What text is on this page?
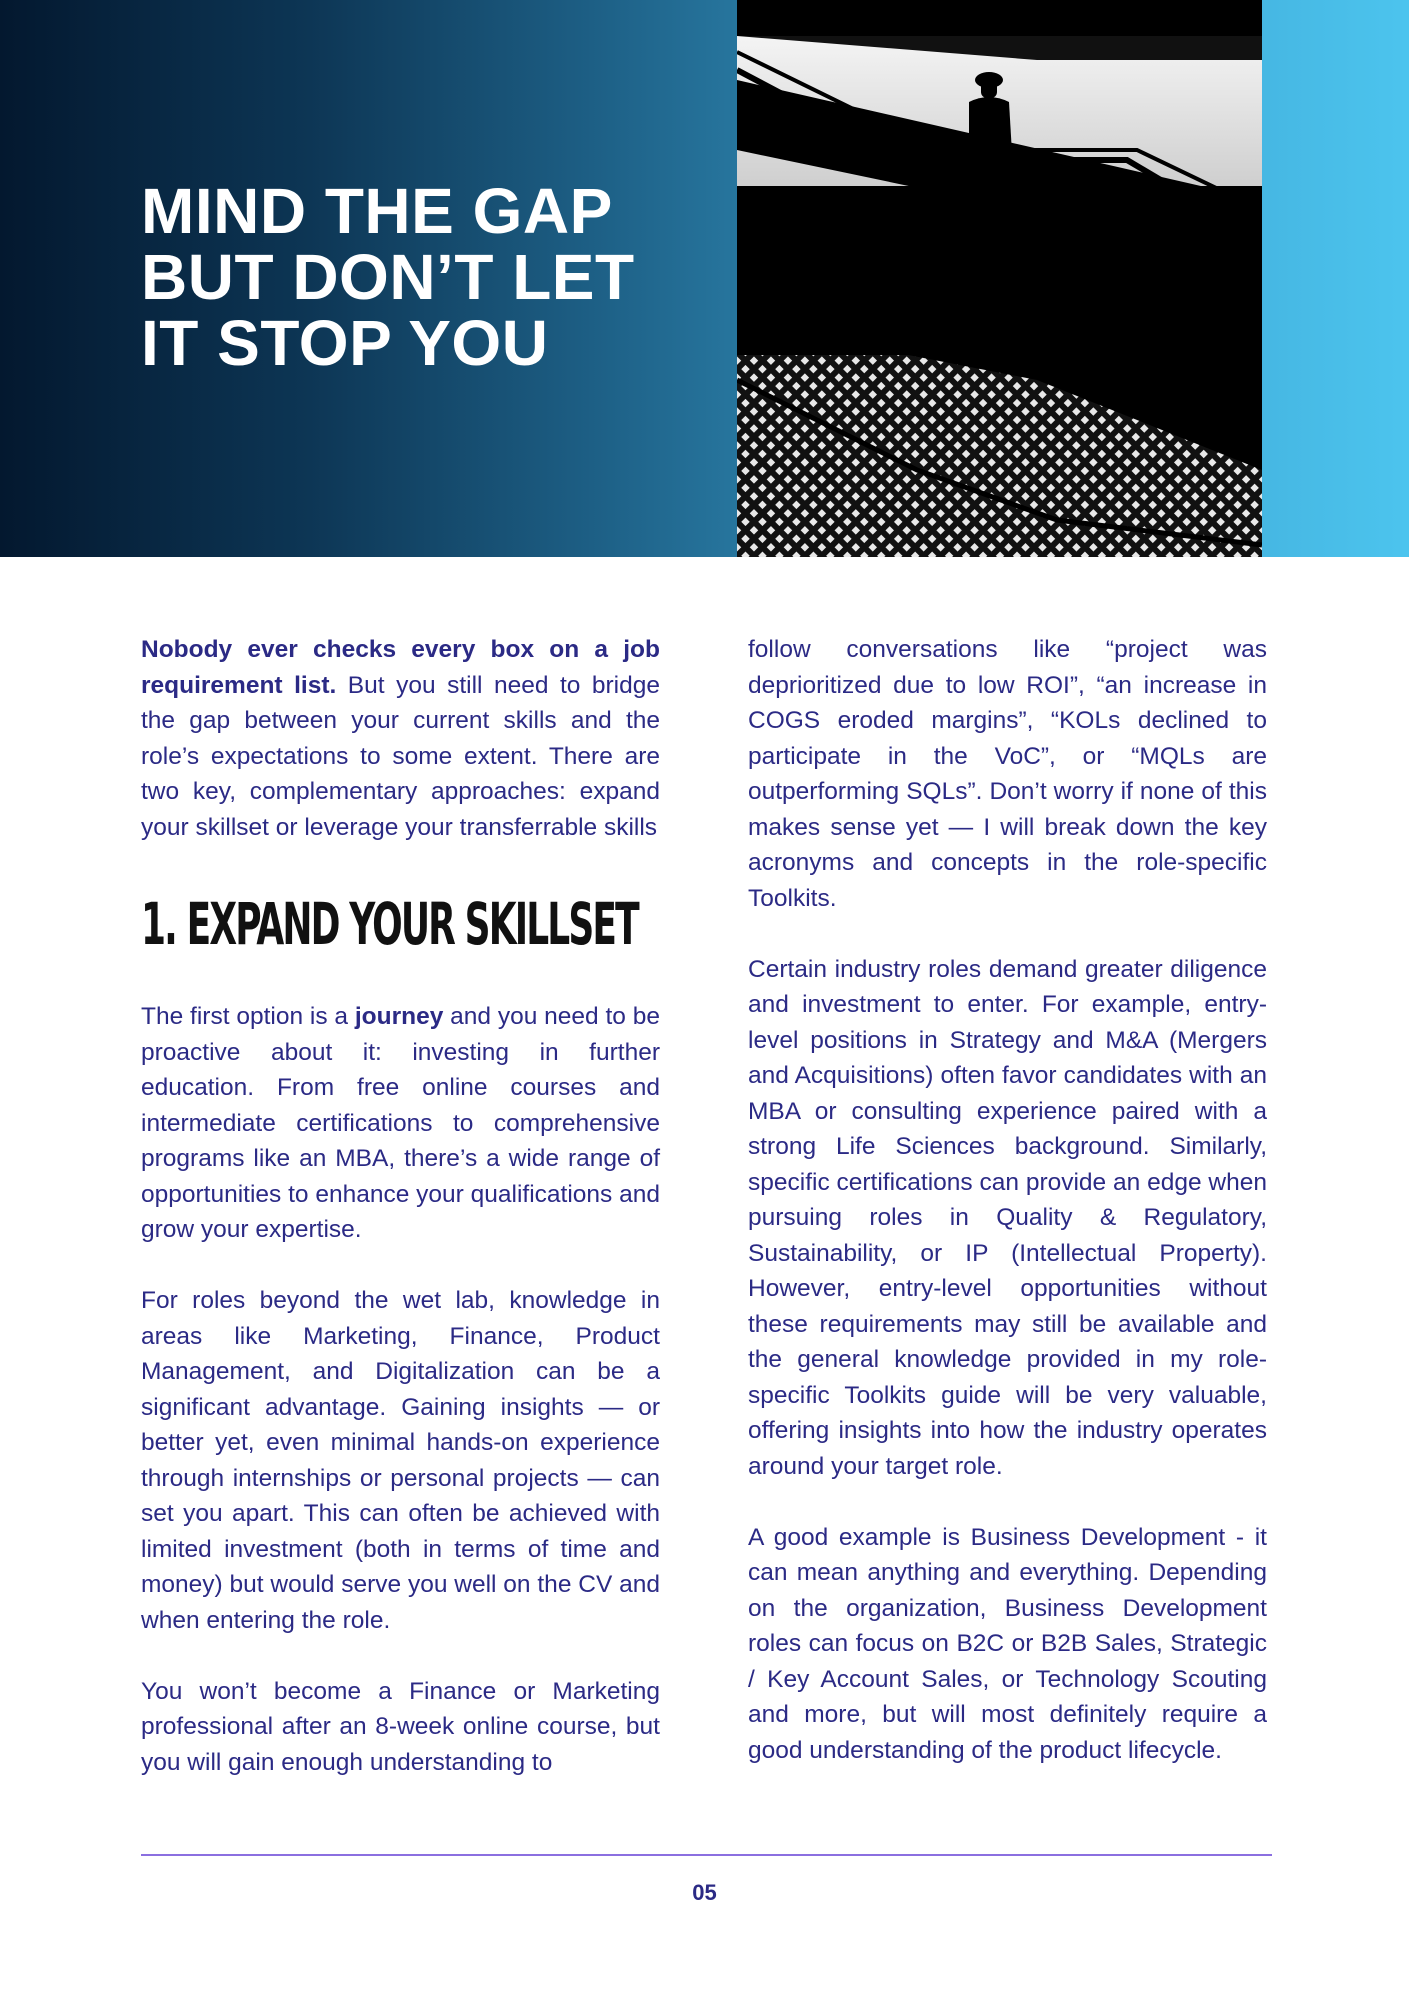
MIND THE GAP
BUT DON’T LET
IT STOP YOU

Nobody ever checks every box on a job requirement list. But you still need to bridge the gap between your current skills and the role’s expectations to some extent. There are two key, complementary approaches: expand your skillset or leverage your transferrable skills

1. EXPAND YOUR SKILLSET

The first option is a journey and you need to be proactive about it: investing in further education. From free online courses and intermediate certifications to comprehensive programs like an MBA, there’s a wide range of opportunities to enhance your qualifications and grow your expertise.

For roles beyond the wet lab, knowledge in areas like Marketing, Finance, Product Management, and Digitalization can be a significant advantage. Gaining insights — or better yet, even minimal hands-on experience through internships or personal projects — can set you apart. This can often be achieved with limited investment (both in terms of time and money) but would serve you well on the CV and when entering the role.

You won’t become a Finance or Marketing professional after an 8-week online course, but you will gain enough understanding to

follow conversations like “project was deprioritized due to low ROI”, “an increase in COGS eroded margins”, “KOLs declined to participate in the VoC”, or “MQLs are outperforming SQLs”. Don’t worry if none of this makes sense yet — I will break down the key acronyms and concepts in the role-specific Toolkits.

Certain industry roles demand greater diligence and investment to enter. For example, entry-level positions in Strategy and M&A (Mergers and Acquisitions) often favor candidates with an MBA or consulting experience paired with a strong Life Sciences background. Similarly, specific certifications can provide an edge when pursuing roles in Quality & Regulatory, Sustainability, or IP (Intellectual Property). However, entry-level opportunities without these requirements may still be available and the general knowledge provided in my role-specific Toolkits guide will be very valuable, offering insights into how the industry operates around your target role.

A good example is Business Development - it can mean anything and everything. Depending on the organization, Business Development roles can focus on B2C or B2B Sales, Strategic / Key Account Sales, or Technology Scouting and more, but will most definitely require a good understanding of the product lifecycle.

05
